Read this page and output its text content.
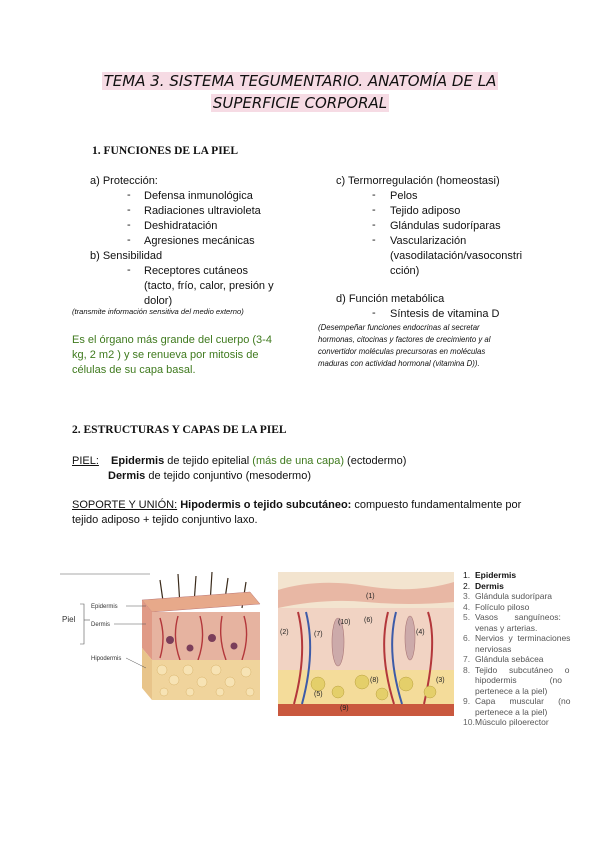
TEMA 3. SISTEMA TEGUMENTARIO. ANATOMÍA DE LA
SUPERFICIE CORPORAL
1. FUNCIONES DE LA PIEL
a) Protección:
- Defensa inmunológica
- Radiaciones ultravioleta
- Deshidratación
- Agresiones mecánicas
b) Sensibilidad
- Receptores cutáneos
(tacto, frío, calor, presión y
dolor)
(transmite información sensitiva del medio externo)
Es el órgano más grande del cuerpo (3-4
kg, 2 m2 ) y se renueva por mitosis de
células de su capa basal.
c) Termorregulación (homeostasi)
- Pelos
- Tejido adiposo
- Glándulas sudoríparas
- Vascularización
(vasodilatación/vasoconstri
cción)
d) Función metabólica
- Síntesis de vitamina D
(Desempeñar funciones endocrinas al secretar
hormonas, citocinas y factores de crecimiento y al
convertidor moléculas precursoras en moléculas
maduras con actividad hormonal (vitamina D)).
2. ESTRUCTURAS Y CAPAS DE LA PIEL
PIEL: Epidermis de tejido epitelial (más de una capa) (ectodermo)
Dermis de tejido conjuntivo (mesodermo)
SOPORTE Y UNIÓN: Hipodermis o tejido subcutáneo: compuesto fundamentalmente por
tejido adiposo + tejido conjuntivo laxo.
Piel
Epidermis
Dermis
Hipodermis
(1)
(2)	(7)
(10) (6)
(4)
(3)
(5)
(8)
(9)
1. Epidermis
2. Dermis
3. Glándula sudorípara
4. Folículo piloso
5. Vasos       sanguíneos:
venas y arterias.
6. Nervios  y  terminaciones
nerviosas
7. Glándula sebácea
8. Tejido     subcutáneo     o
hipodermis              (no
pertenece a la piel)
9. Capa      muscular      (no
pertenece a la piel)
10. Músculo piloerector
